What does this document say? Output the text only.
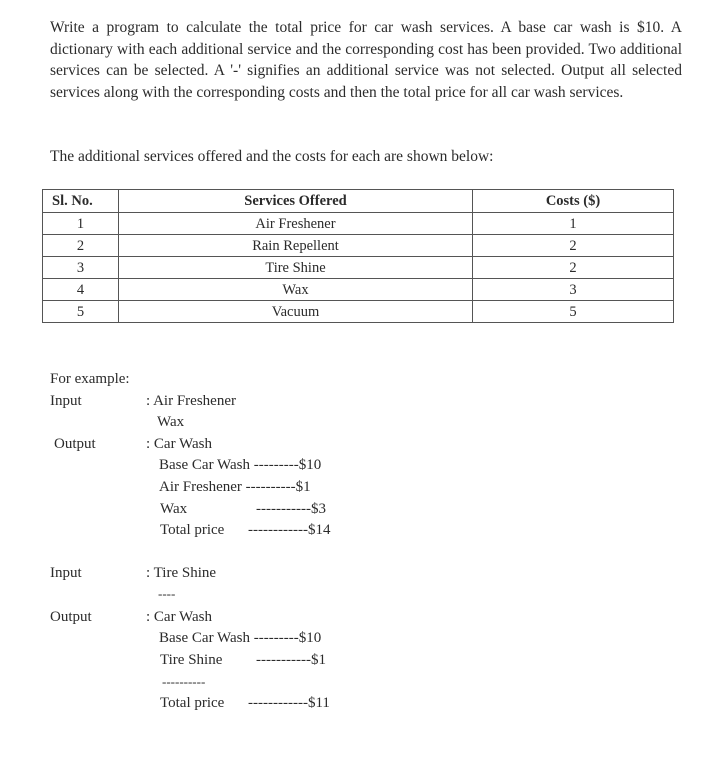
Write a program to calculate the total price for car wash services. A base car wash is $10. A dictionary with each additional service and the corresponding cost has been provided. Two additional services can be selected. A '-' signifies an additional service was not selected. Output all selected services along with the corresponding costs and then the total price for all car wash services.

The additional services offered and the costs for each are shown below:

Sl. No.	Services Offered	Costs ($)
1	Air Freshener	1
2	Rain Repellent	2
3	Tire Shine	2
4	Wax	3
5	Vacuum	5
For example:
Input	: Air Freshener
Wax
Output	: Car Wash
Base Car Wash ---------$10
Air Freshener ----------$1
Wax	-----------$3
Total price ------------$14
Input	: Tire Shine
----
Output	: Car Wash
Base Car Wash ---------$10
Tire Shine -----------$1
----------
Total price ------------$11
